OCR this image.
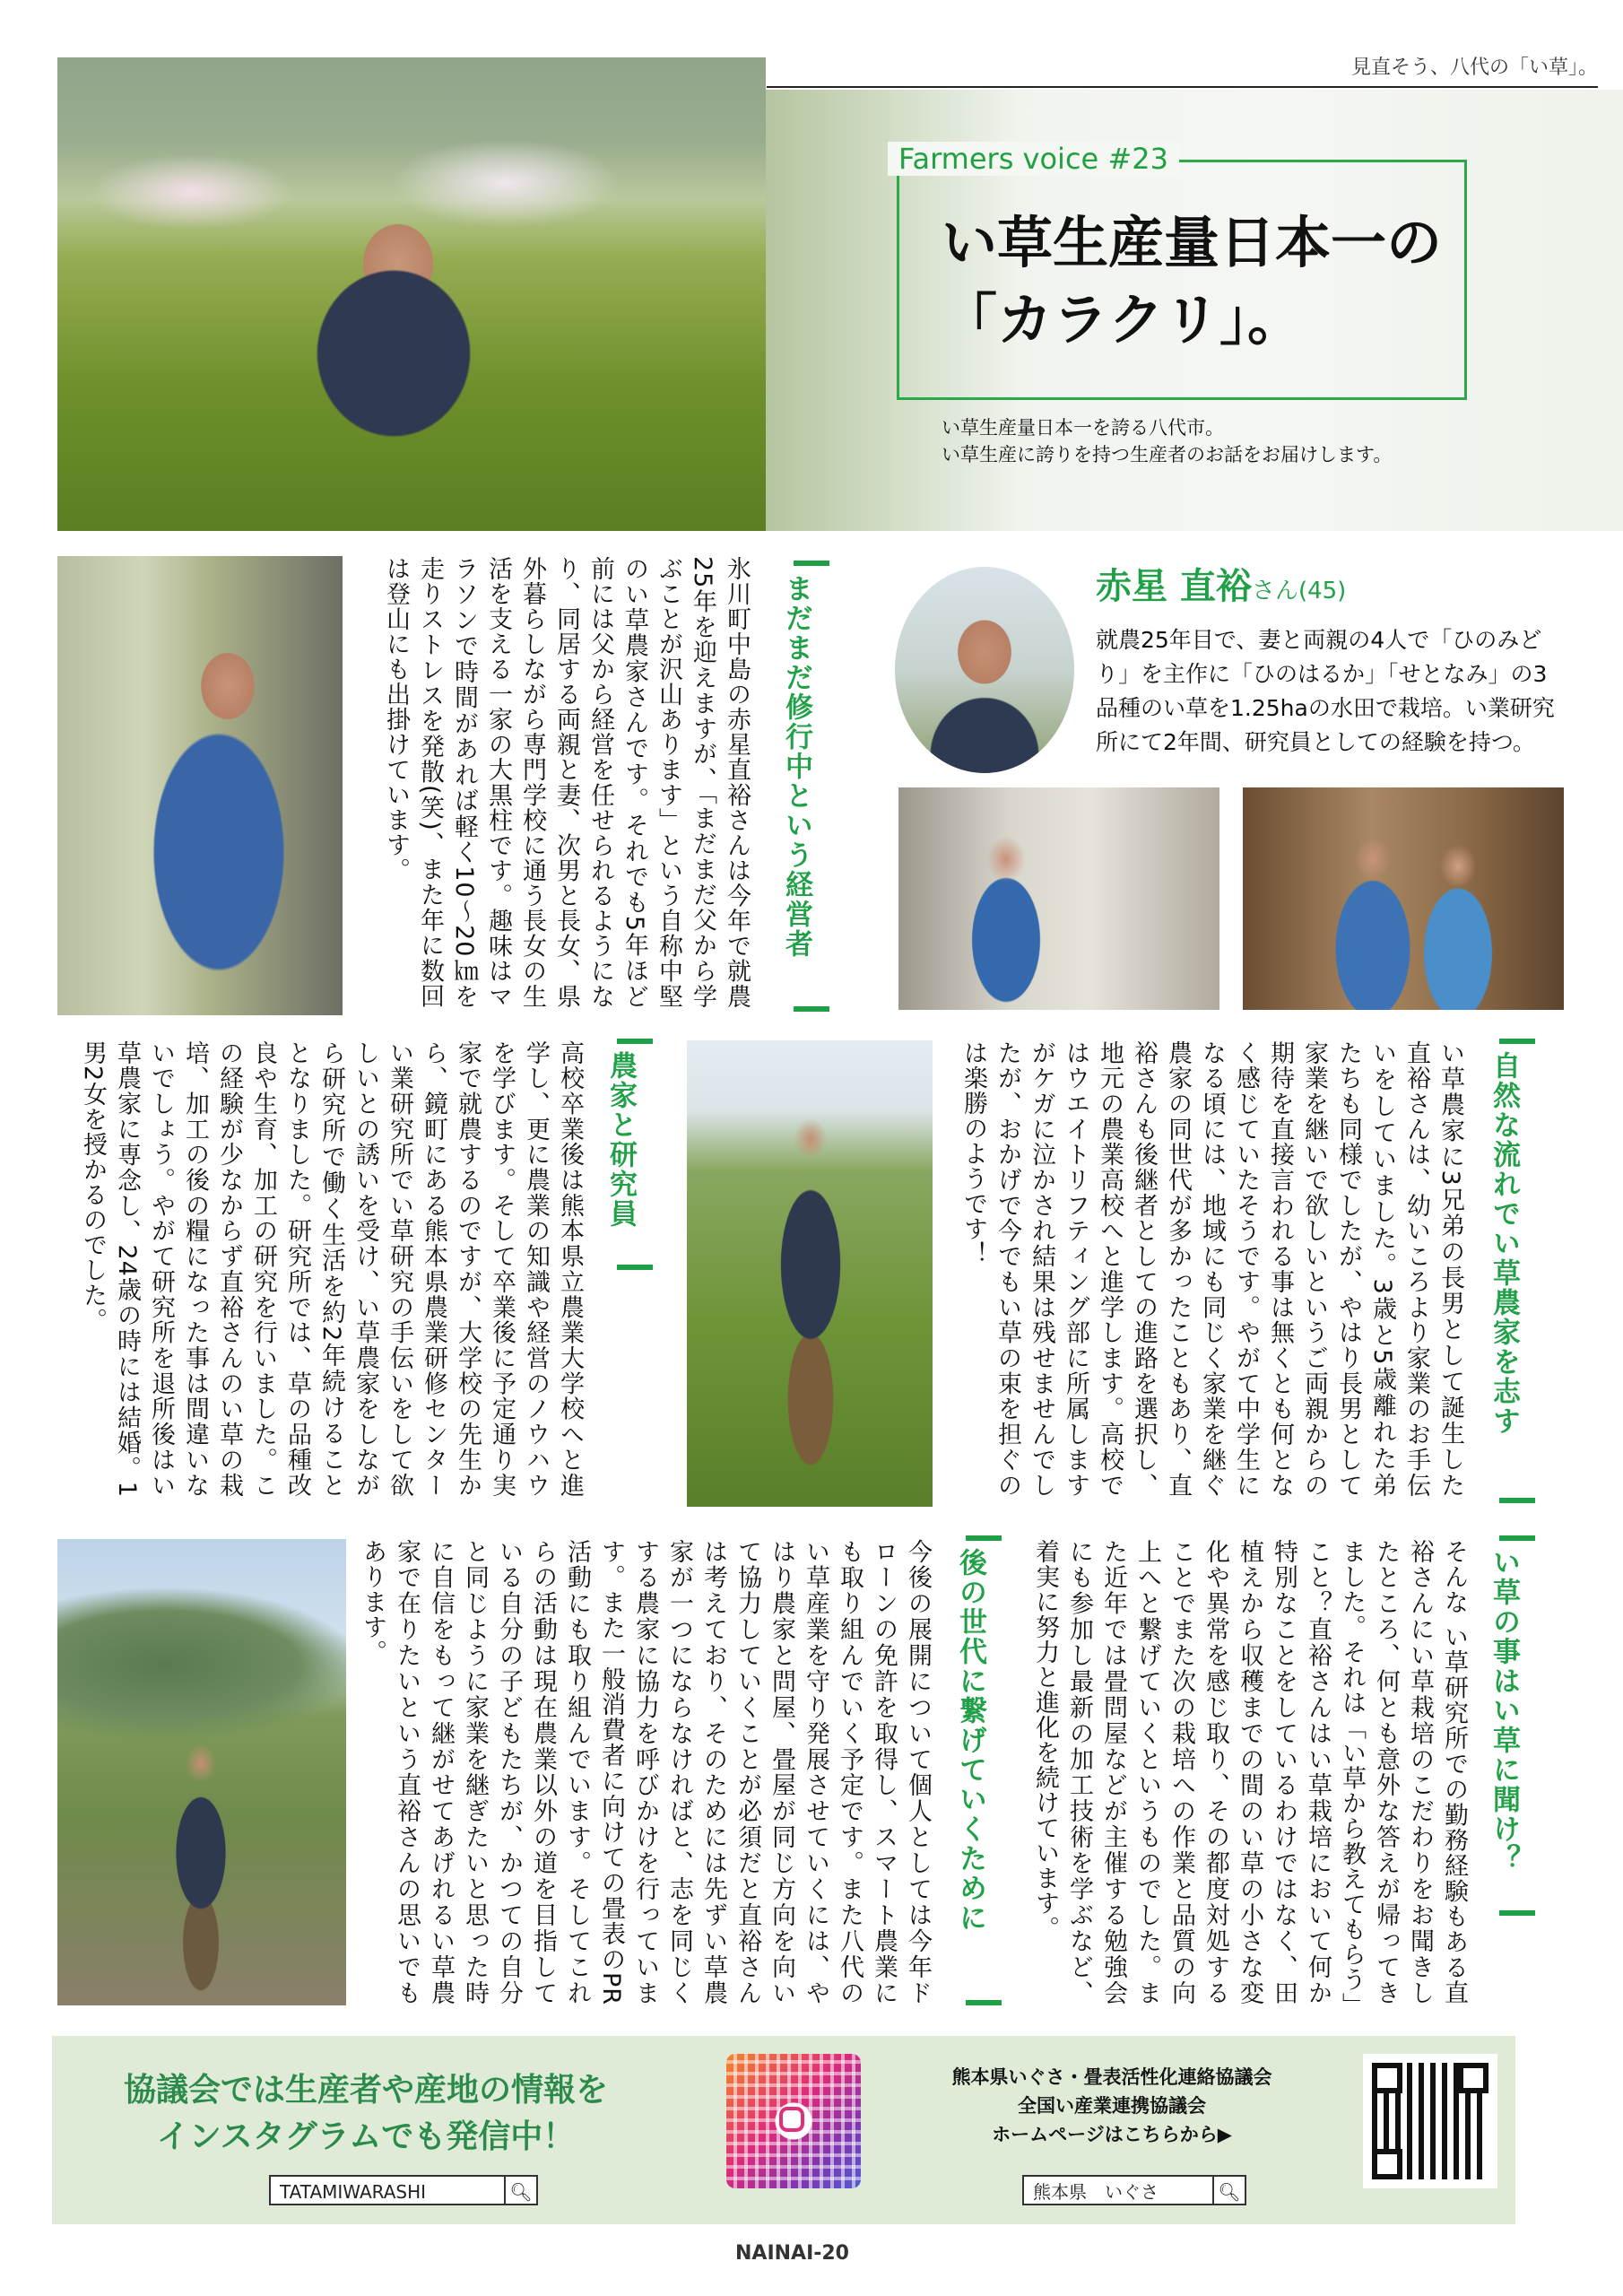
見直そう、八代の「い草」。
Farmers voice #23
い草生産量日本一の
「カラクリ」。
い草生産量日本一を誇る八代市。
い草生産に誇りを持つ生産者のお話をお届けします。
まだまだ修行中という経営者
氷川町中島の赤星直裕さんは今年で就農25年を迎えますが、「まだまだ父から学ぶことが沢山あります」という自称中堅のい草農家さんです。それでも5年ほど前には父から経営を任せられるようになり、同居する両親と妻、次男と長女、県外暮らしながら専門学校に通う長女の生活を支える一家の大黒柱です。趣味はマラソンで時間があれば軽く10～20㎞を走りストレスを発散(笑)、また年に数回は登山にも出掛けています。	赤星 直裕さん(45)
就農25年目で、妻と両親の4人で「ひのみどり」を主作に「ひのはるか」「せとなみ」の3品種のい草を1.25haの水田で栽培。い業研究所にて2年間、研究員としての経験を持つ。
自然な流れでい草農家を志す
い草農家に3兄弟の長男として誕生した直裕さんは、幼いころより家業のお手伝いをしていました。3歳と5歳離れた弟たちも同様でしたが、やはり長男として家業を継いで欲しいというご両親からの期待を直接言われる事は無くとも何となく感じていたそうです。やがて中学生になる頃には、地域にも同じく家業を継ぐ農家の同世代が多かったこともあり、直裕さんも後継者としての進路を選択し、地元の農業高校へと進学します。高校ではウエイトリフティング部に所属しますがケガに泣かされ結果は残せませんでしたが、おかげで今でもい草の束を担ぐのは楽勝のようです！
農家と研究員
高校卒業後は熊本県立農業大学校へと進学し、更に農業の知識や経営のノウハウを学びます。そして卒業後に予定通り実家で就農するのですが、大学校の先生から、鏡町にある熊本県農業研修センターい業研究所でい草研究の手伝いをして欲しいとの誘いを受け、い草農家をしながら研究所で働く生活を約2年続けることとなりました。研究所では、草の品種改良や生育、加工の研究を行いました。この経験が少なからず直裕さんのい草の栽培、加工の後の糧になった事は間違いないでしょう。やがて研究所を退所後はい草農家に専念し、24歳の時には結婚。1男2女を授かるのでした。
い草の事はい草に聞け？
そんな い草研究所での勤務経験もある直裕さんにい草栽培のこだわりをお聞きしたところ、何とも意外な答えが帰ってきました。それは「い草から教えてもらう」こと？直裕さんはい草栽培において何か特別なことをしているわけではなく、田植えから収穫までの間のい草の小さな変化や異常を感じ取り、その都度対処することでまた次の栽培への作業と品質の向上へと繋げていくというものでした。また近年では畳問屋などが主催する勉強会にも参加し最新の加工技術を学ぶなど、着実に努力と進化を続けています。
後の世代に繋げていくために
今後の展開について個人としては今年ドローンの免許を取得し、スマート農業にも取り組んでいく予定です。また八代のい草産業を守り発展させていくには、やはり農家と問屋、畳屋が同じ方向を向いて協力していくことが必須だと直裕さんは考えており、そのためには先ずい草農家が一つにならなければと、志を同じくする農家に協力を呼びかけを行っています。また一般消費者に向けての畳表のPR活動にも取り組んでいます。そしてこれらの活動は現在農業以外の道を目指している自分の子どもたちが、かつての自分と同じように家業を継ぎたいと思った時に自信をもって継がせてあげれるい草農家で在りたいという直裕さんの思いでもあります。
協議会では生産者や産地の情報を
インスタグラムでも発信中！
TATAMIWARASHI	🔍︎
熊本県いぐさ・畳表活性化連絡協議会
全国い産業連携協議会
ホームページはこちらから▶
熊本県　いぐさ	🔍︎
NAINAI-20
